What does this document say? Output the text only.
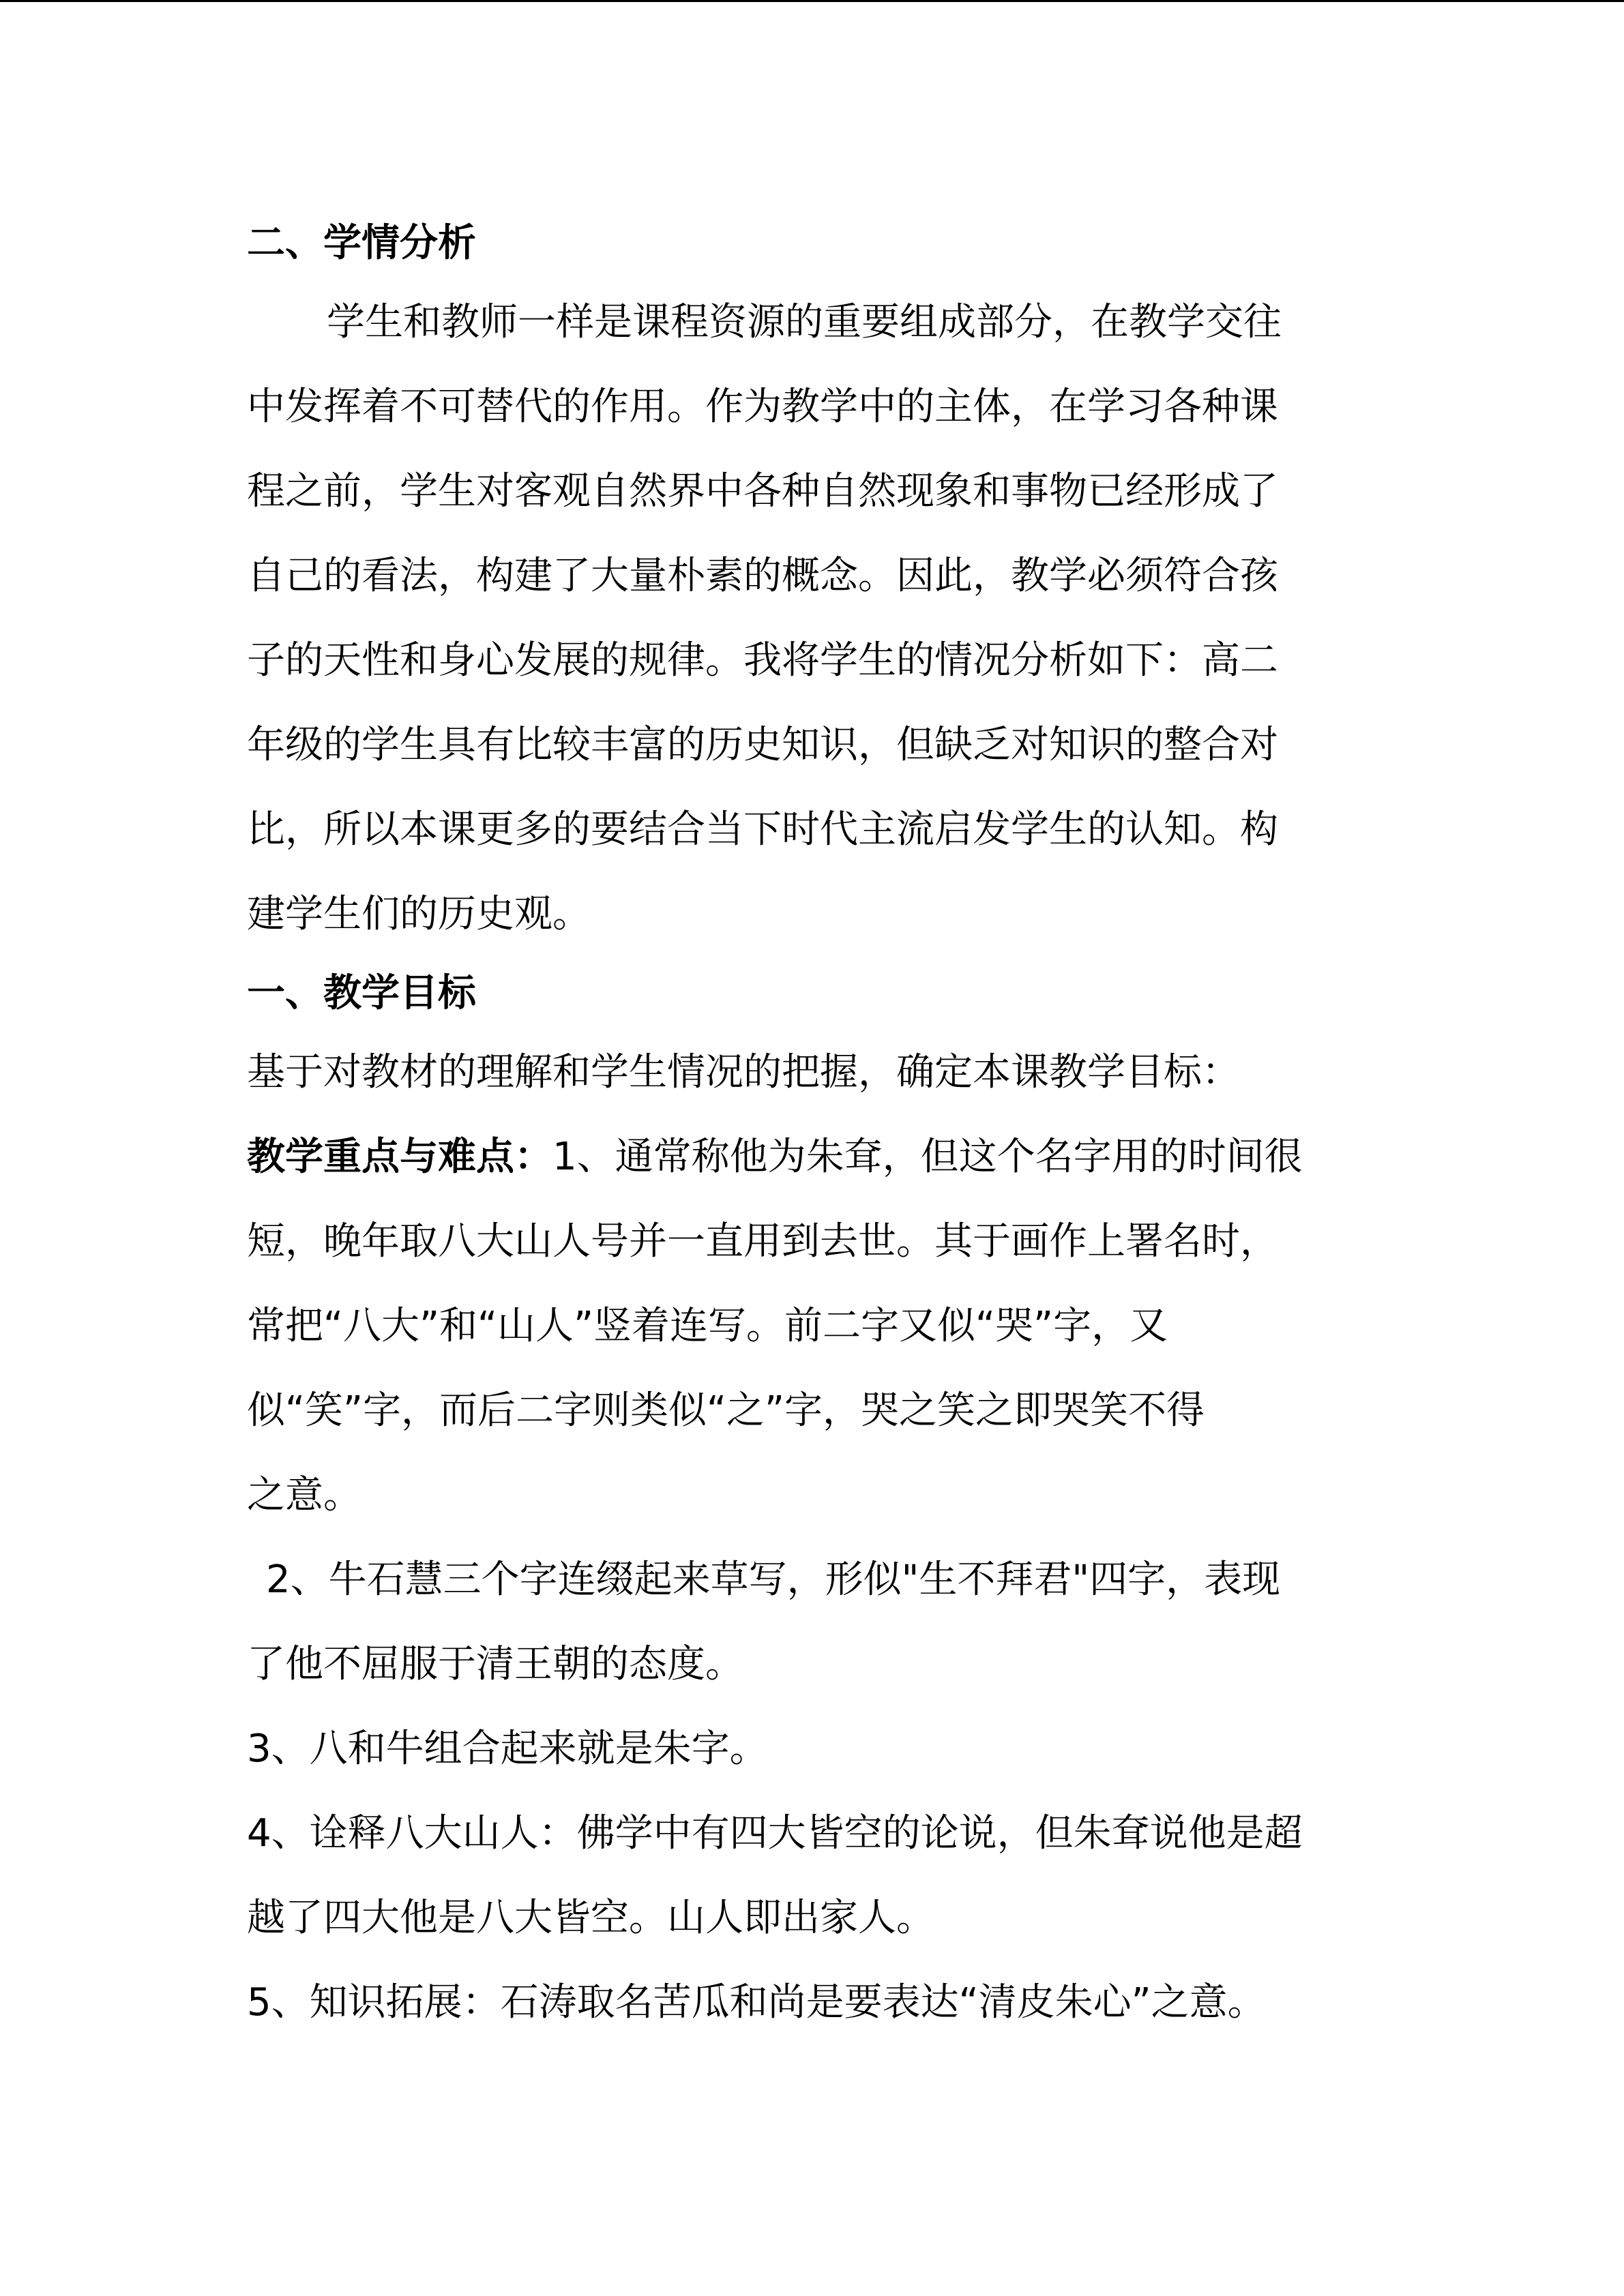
二、学情分析
学生和教师一样是课程资源的重要组成部分，在教学交往
中发挥着不可替代的作用。作为教学中的主体，在学习各种课
程之前，学生对客观自然界中各种自然现象和事物已经形成了
自己的看法，构建了大量朴素的概念。因此，教学必须符合孩
子的天性和身心发展的规律。我将学生的情况分析如下：高二
年级的学生具有比较丰富的历史知识，但缺乏对知识的整合对
比，所以本课更多的要结合当下时代主流启发学生的认知。构
建学生们的历史观。
一、教学目标
基于对教材的理解和学生情况的把握，确定本课教学目标：
教学重点与难点：1、通常称他为朱耷，但这个名字用的时间很
短，晚年取八大山人号并一直用到去世。其于画作上署名时，
常把“八大”和“山人”竖着连写。前二字又似“哭”字，又
似“笑”字，而后二字则类似“之”字，哭之笑之即哭笑不得
之意。
2、牛石慧三个字连缀起来草写，形似"生不拜君"四字，表现
了他不屈服于清王朝的态度。
3、八和牛组合起来就是朱字。
4、诠释八大山人：佛学中有四大皆空的论说，但朱耷说他是超
越了四大他是八大皆空。山人即出家人。
5、知识拓展：石涛取名苦瓜和尚是要表达“清皮朱心”之意。
